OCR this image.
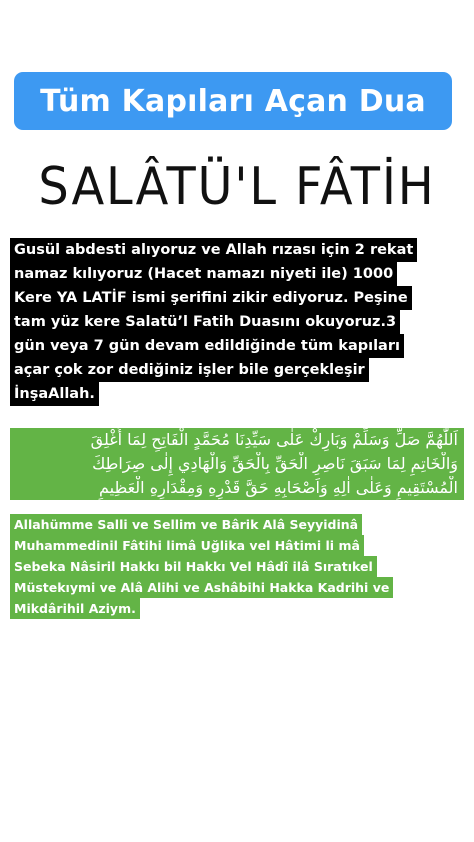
Tüm Kapıları Açan Dua
SALÂTÜ'L FÂTİH
Gusül abdesti alıyoruz ve Allah rızası için 2 rekat
namaz kılıyoruz (Hacet namazı niyeti ile) 1000
Kere YA LATİF ismi şerifini zikir ediyoruz. Peşine
tam yüz kere Salatü’l Fatih Duasını okuyoruz.3
gün veya 7 gün devam edildiğinde tüm kapıları
açar çok zor dediğiniz işler bile gerçekleşir
İnşaAllah.
اَللّٰهُمَّ صَلِّ وَسَلِّمْ وَبَارِكْ عَلٰى سَيِّدِنَا مُحَمَّدٍ الْفَاتِحِ لِمَا أُغْلِقَ
وَالْخَاتِمِ لِمَا سَبَقَ نَاصِرِ الْحَقِّ بِالْحَقِّ وَالْهَادِي إِلٰى صِرَاطِكَ
الْمُسْتَقِيمِ وَعَلٰى اٰلِهِ وَاَصْحَابِهِ حَقَّ قَدْرِهِ وَمِقْدَارِهِ الْعَظِيمِ
Allahümme Salli ve Sellim ve Bârik Alâ Seyyidinâ
Muhammedinil Fâtihi limâ Uğlika vel Hâtimi li mâ
Sebeka Nâsiril Hakkı bil Hakkı Vel Hâdî ilâ Sıratıkel
Müstekıymi ve Alâ Alihi ve Ashâbihi Hakka Kadrihi ve
Mikdârihil Aziym.
